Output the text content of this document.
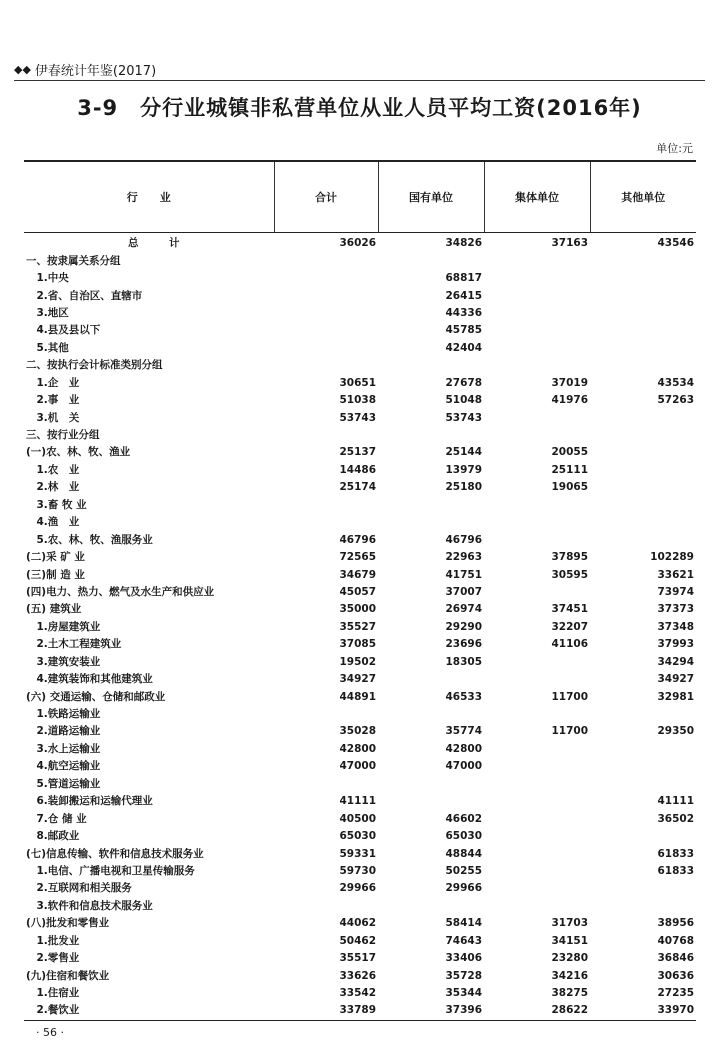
◆◆ 伊春统计年鉴(2017)
3-9　分行业城镇非私营单位从业人员平均工资(2016年)
单位:元
行　　业	合计	国有单位	集体单位	其他单位
总　计	36026	34826	37163	43546
一、按隶属关系分组				
　1.中央		68817		
　2.省、自治区、直辖市		26415		
　3.地区		44336		
　4.县及县以下		45785		
　5.其他		42404		
二、按执行会计标准类别分组				
　1.企　业	30651	27678	37019	43534
　2.事　业	51038	51048	41976	57263
　3.机　关	53743	53743		
三、按行业分组				
(一)农、林、牧、渔业	25137	25144	20055	
　1.农　业	14486	13979	25111	
　2.林　业	25174	25180	19065	
　3.畜 牧 业				
　4.渔　业				
　5.农、林、牧、渔服务业	46796	46796		
(二)采 矿 业	72565	22963	37895	102289
(三)制 造 业	34679	41751	30595	33621
(四)电力、热力、燃气及水生产和供应业	45057	37007		73974
(五) 建筑业	35000	26974	37451	37373
　1.房屋建筑业	35527	29290	32207	37348
　2.土木工程建筑业	37085	23696	41106	37993
　3.建筑安装业	19502	18305		34294
　4.建筑装饰和其他建筑业	34927			34927
(六) 交通运输、仓储和邮政业	44891	46533	11700	32981
　1.铁路运输业				
　2.道路运输业	35028	35774	11700	29350
　3.水上运输业	42800	42800		
　4.航空运输业	47000	47000		
　5.管道运输业				
　6.装卸搬运和运输代理业	41111			41111
　7.仓 储 业	40500	46602		36502
　8.邮政业	65030	65030		
(七)信息传输、软件和信息技术服务业	59331	48844		61833
　1.电信、广播电视和卫星传输服务	59730	50255		61833
　2.互联网和相关服务	29966	29966		
　3.软件和信息技术服务业				
(八)批发和零售业	44062	58414	31703	38956
　1.批发业	50462	74643	34151	40768
　2.零售业	35517	33406	23280	36846
(九)住宿和餐饮业	33626	35728	34216	30636
　1.住宿业	33542	35344	38275	27235
　2.餐饮业	33789	37396	28622	33970
· 56 ·
